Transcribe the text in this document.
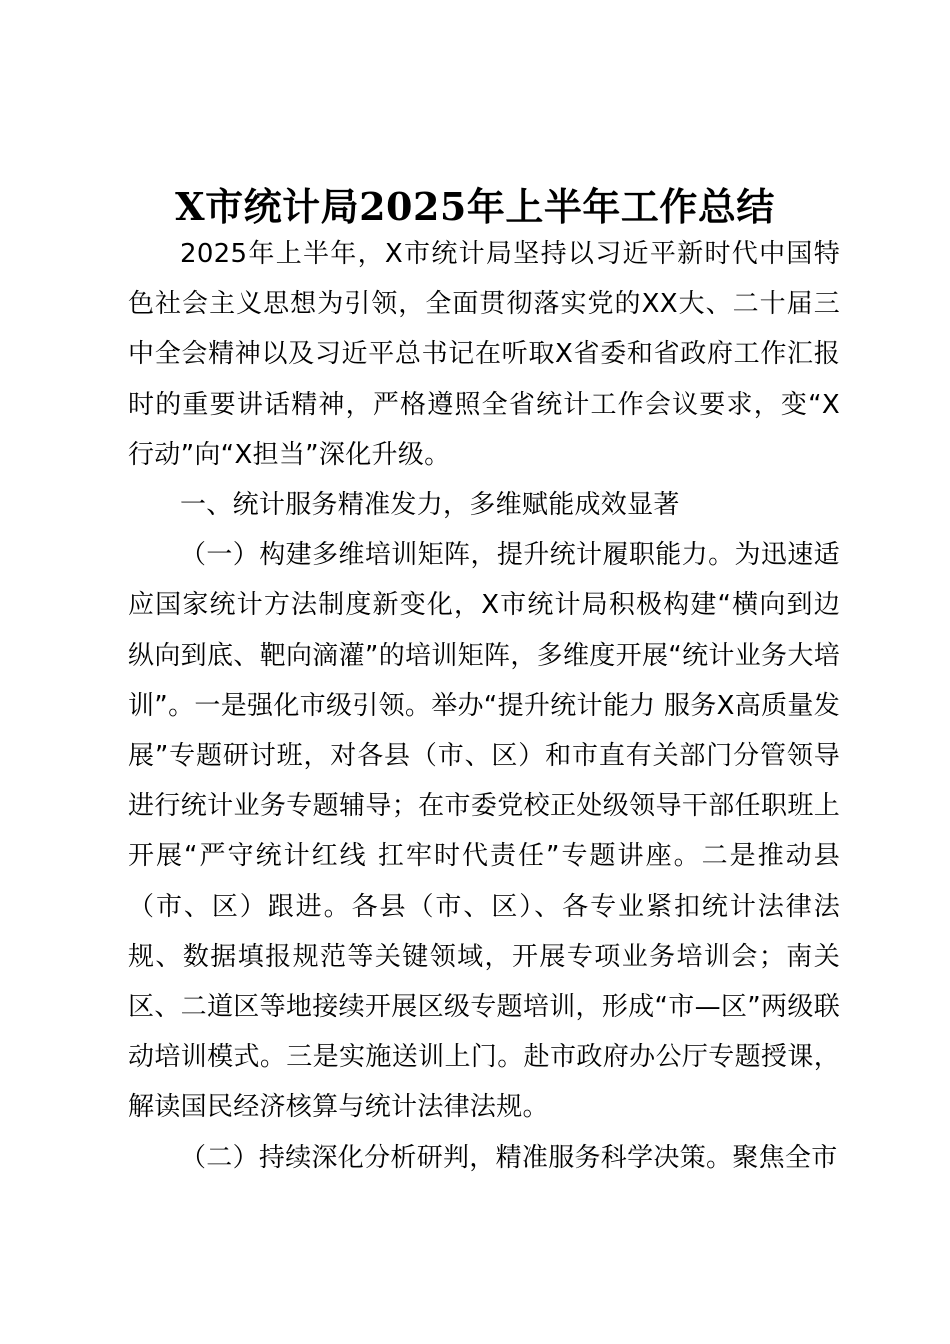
X市统计局2025年上半年工作总结

2025年上半年，X市统计局坚持以习近平新时代中国特色社会主义思想为引领，全面贯彻落实党的XX大、二十届三中全会精神以及习近平总书记在听取X省委和省政府工作汇报时的重要讲话精神，严格遵照全省统计工作会议要求，变“X行动”向“X担当”深化升级。

一、统计服务精准发力，多维赋能成效显著

（一）构建多维培训矩阵，提升统计履职能力。为迅速适应国家统计方法制度新变化，X市统计局积极构建“横向到边纵向到底、靶向滴灌”的培训矩阵，多维度开展“统计业务大培训”。一是强化市级引领。举办“提升统计能力 服务X高质量发展”专题研讨班，对各县（市、区）和市直有关部门分管领导进行统计业务专题辅导；在市委党校正处级领导干部任职班上开展“严守统计红线 扛牢时代责任”专题讲座。二是推动县（市、区）跟进。各县（市、区）、各专业紧扣统计法律法规、数据填报规范等关键领域，开展专项业务培训会；南关区、二道区等地接续开展区级专题培训，形成“市—区”两级联动培训模式。三是实施送训上门。赴市政府办公厅专题授课，解读国民经济核算与统计法律法规。

（二）持续深化分析研判，精准服务科学决策。聚焦全市
